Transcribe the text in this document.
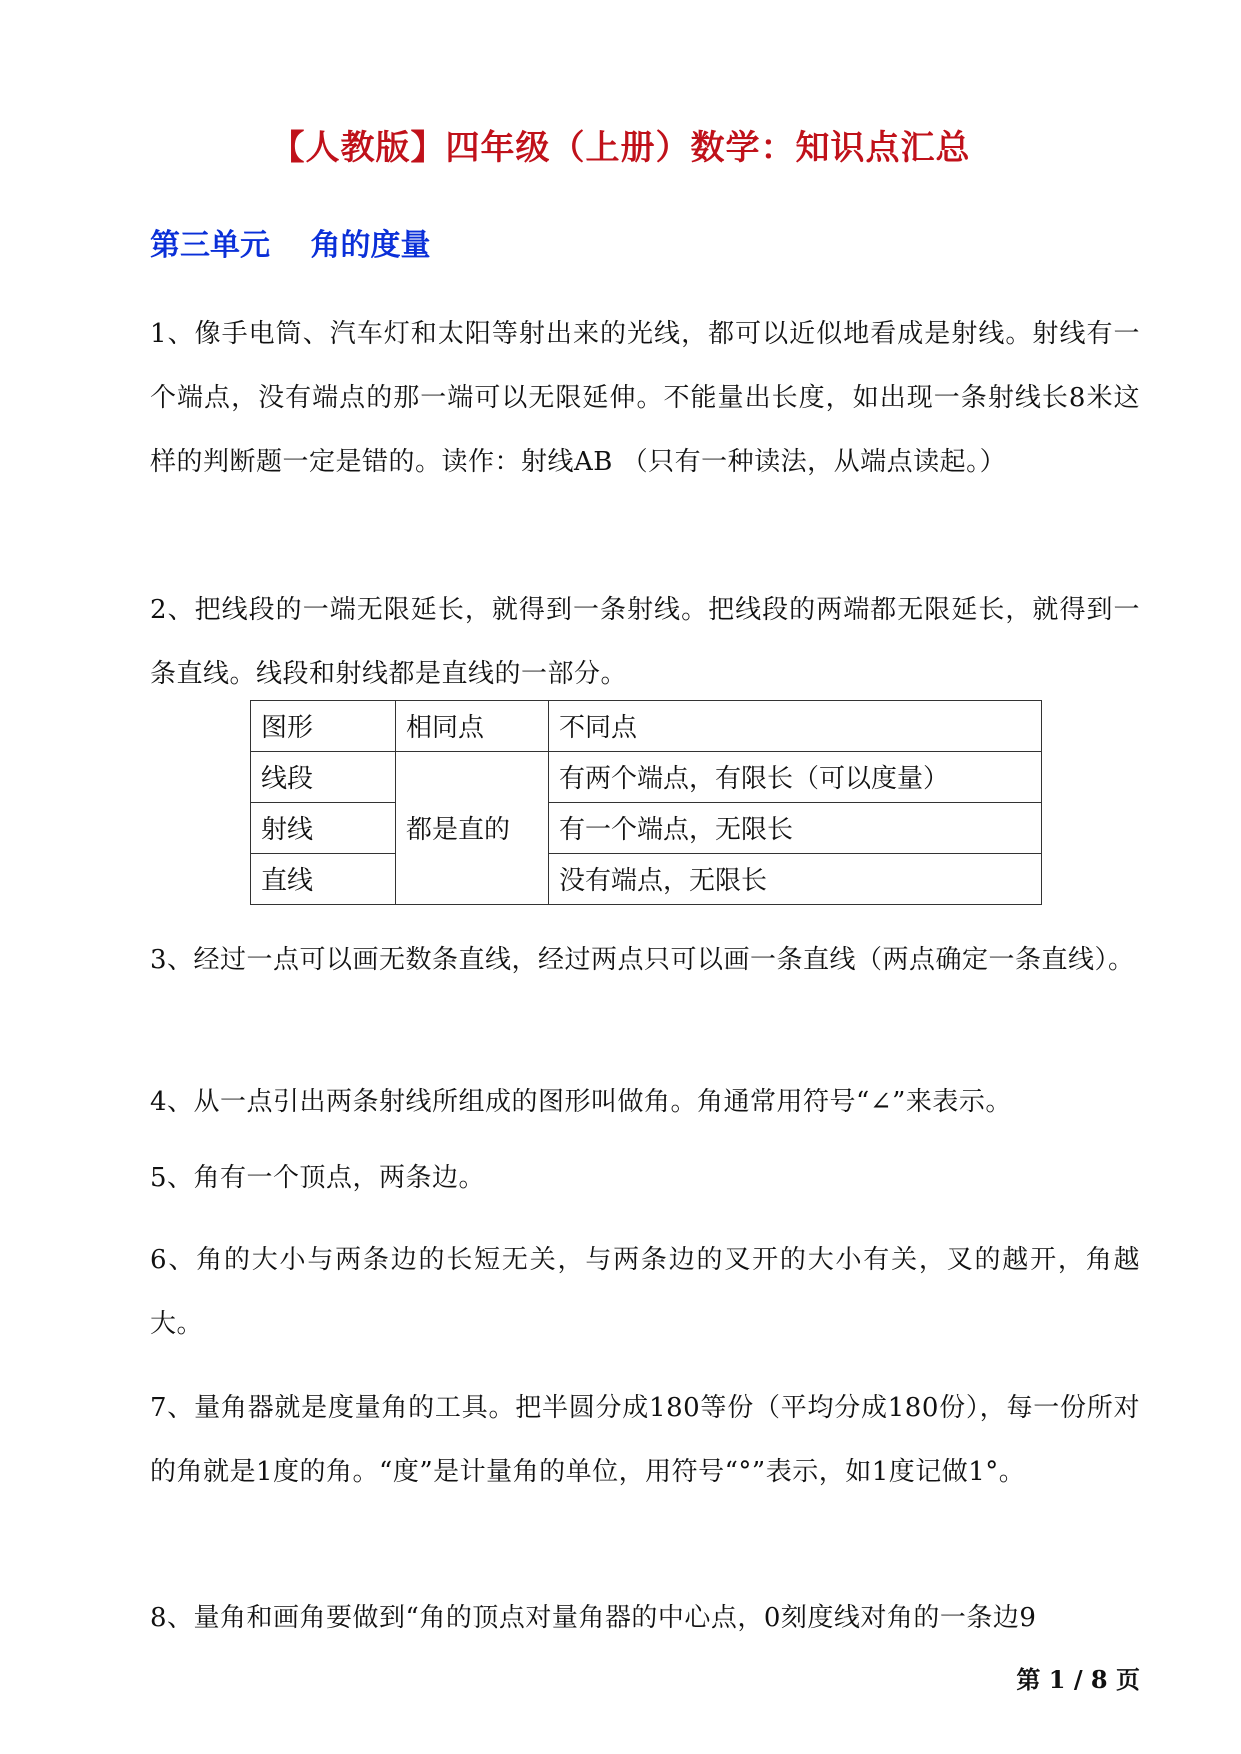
【人教版】四年级（上册）数学：知识点汇总
第三单元　 角的度量
1、像手电筒、汽车灯和太阳等射出来的光线，都可以近似地看成是射线。射线有一个端点，没有端点的那一端可以无限延伸。不能量出长度，如出现一条射线长8米这样的判断题一定是错的。读作：射线AB （只有一种读法，从端点读起。）
2、把线段的一端无限延长，就得到一条射线。把线段的两端都无限延长，就得到一条直线。线段和射线都是直线的一部分。
图形	相同点	不同点
线段	都是直的	有两个端点，有限长（可以度量）
射线		有一个端点，无限长
直线		没有端点，无限长
3、经过一点可以画无数条直线，经过两点只可以画一条直线（两点确定一条直线）。
4、从一点引出两条射线所组成的图形叫做角。角通常用符号“∠”来表示。
5、角有一个顶点，两条边。
6、角的大小与两条边的长短无关，与两条边的叉开的大小有关，叉的越开，角越大。
7、量角器就是度量角的工具。把半圆分成180等份（平均分成180份），每一份所对的角就是1度的角。“度”是计量角的单位，用符号“°”表示，如1度记做1°。
8、量角和画角要做到“角的顶点对量角器的中心点，0刻度线对角的一条边9
第 1 / 8 页
